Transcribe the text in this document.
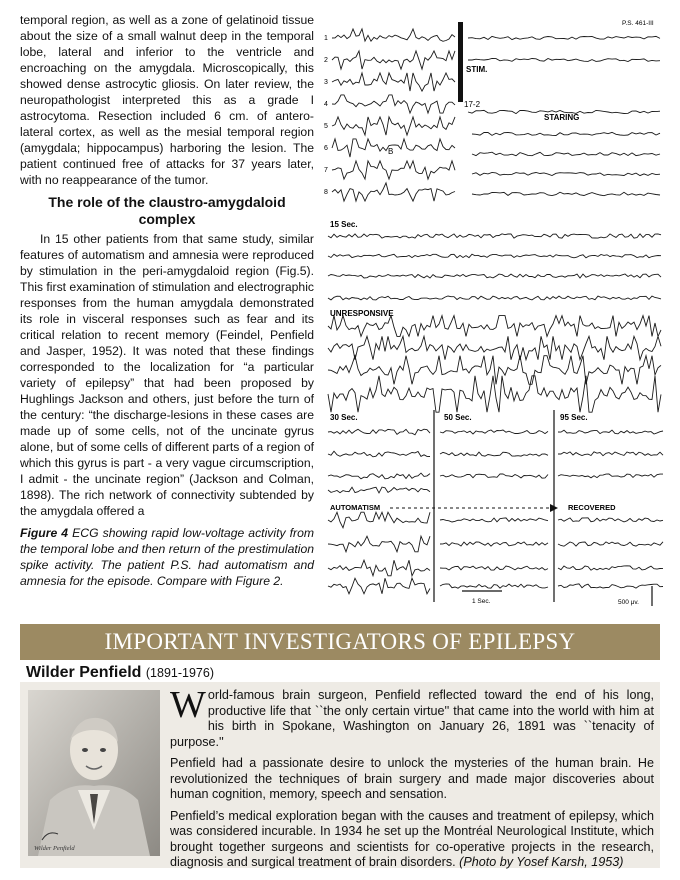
temporal region, as well as a zone of gelatinoid tissue about the size of a small walnut deep in the temporal lobe, lateral and inferior to the ventricle and encroaching on the amygdala. Microscopically, this showed dense astrocytic gliosis. On later review, the neuropathologist interpreted this as a grade I astrocytoma. Resection included 6 cm. of antero-lateral cortex, as well as the mesial temporal region (amygdala; hippocampus) harboring the lesion. The patient continued free of attacks for 37 years later, with no reappearance of the tumor.

The role of the claustro-amygdaloid complex

In 15 other patients from that same study, similar features of automatism and amnesia were reproduced by stimulation in the peri-amygdaloid region (Fig.5). This first examination of stimulation and electrographic responses from the human amygdala demonstrated its role in visceral responses such as fear and its critical relation to recent memory (Feindel, Penfield and Jasper, 1952). It was noted that these findings corresponded to the localization for “a particular variety of epilepsy” that had been proposed by Hughlings Jackson and others, just before the turn of the century: “the discharge-lesions in these cases are made up of some cells, not of the uncinate gyrus alone, but of some cells of different parts of a region of which this gyrus is part - a very vague circumscription, I admit - the uncinate region” (Jackson and Colman, 1898). The rich network of connectivity subtended by the amygdala offered a

Figure 4 ECG showing rapid low-voltage activity from the temporal lobe and then return of the prestimulation spike activity. The patient P.S. had automatism and amnesia for the episode. Compare with Figure 2.
P.S. 461-III
1
2
3
4
5
6
7
8
STIM.
17-2
STARING
B
15 Sec.
UNRESPONSIVE
30 Sec.	50 Sec.	95 Sec.
AUTOMATISM	RECOVERED
1 Sec.	500 μv.
IMPORTANT INVESTIGATORS OF EPILEPSY
Wilder Penfield (1891-1976)
Wilder Penfield

World-famous brain surgeon, Penfield reflected toward the end of his long, productive life that ``the only certain virtue'' that came into the world with him at his birth in Spokane, Washington on January 26, 1891 was ``tenacity of purpose.''

Penfield had a passionate desire to unlock the mysteries of the human brain. He revolutionized the techniques of brain surgery and made major discoveries about human cognition, memory, speech and sensation.

Penfield’s medical exploration began with the causes and treatment of epilepsy, which was considered incurable. In 1934 he set up the Montréal Neurological Institute, which brought together surgeons and scientists for co-operative projects in the research, diagnosis and surgical treatment of brain disorders. (Photo by Yosef Karsh, 1953)
